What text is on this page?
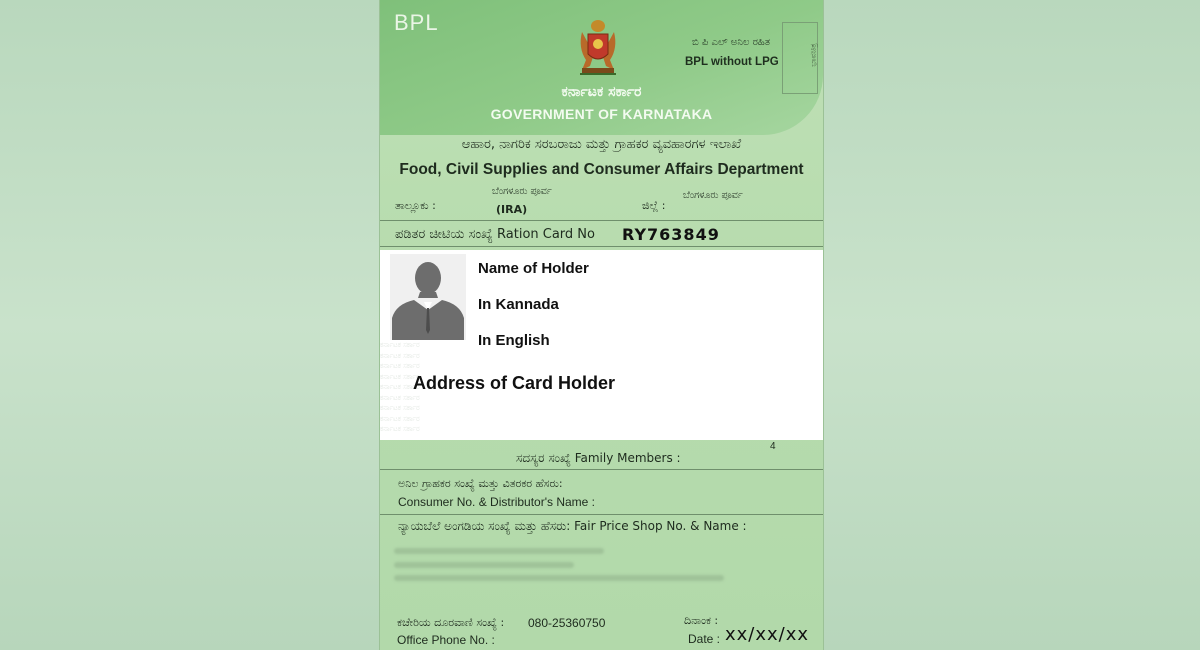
BPL
ಬಿ ಪಿ ಎಲ್ ಅನಿಲ ರಹಿತ
BPL without LPG	ಭಾವಚಿತ್ರ
ಕರ್ನಾಟಕ ಸರ್ಕಾರ
GOVERNMENT OF KARNATAKA
ಆಹಾರ, ನಾಗರಿಕ ಸರಬರಾಜು ಮತ್ತು ಗ್ರಾಹಕರ ವ್ಯವಹಾರಗಳ ಇಲಾಖೆ
Food, Civil Supplies and Consumer Affairs Department
ತಾಲ್ಲೂಕು :
ಬೆಂಗಳೂರು ಪೂರ್ವ
(IRA)	ಜಿಲ್ಲೆ :
ಬೆಂಗಳೂರು ಪೂರ್ವ
ಪಡಿತರ ಚೀಟಿಯ ಸಂಖ್ಯೆ Ration Card No RY763849
ಕರ್ನಾಟಕ ಸರ್ಕಾರ
ಕರ್ನಾಟಕ ಸರ್ಕಾರ
ಕರ್ನಾಟಕ ಸರ್ಕಾರ
ಕರ್ನಾಟಕ ಸರ್ಕಾರ
ಕರ್ನಾಟಕ ಸರ್ಕಾರ
ಕರ್ನಾಟಕ ಸರ್ಕಾರ
ಕರ್ನಾಟಕ ಸರ್ಕಾರ
ಕರ್ನಾಟಕ ಸರ್ಕಾರ
ಕರ್ನಾಟಕ ಸರ್ಕಾರ
Name of Holder
In Kannada
In English
Address of Card Holder
ಸದಸ್ಯರ ಸಂಖ್ಯೆ Family Members :
4
ಅನಿಲ ಗ್ರಾಹಕರ ಸಂಖ್ಯೆ ಮತ್ತು ವಿತರಕರ ಹೆಸರು:
Consumer No. & Distributor's Name :
ನ್ಯಾಯಬೆಲೆ ಅಂಗಡಿಯ ಸಂಖ್ಯೆ ಮತ್ತು ಹೆಸರು: Fair Price Shop No. & Name :
ಕಚೇರಿಯ ದೂರವಾಣಿ ಸಂಖ್ಯೆ : 080-25360750
Office Phone No. :
ದಿನಾಂಕ :
Date : xx/xx/xx
